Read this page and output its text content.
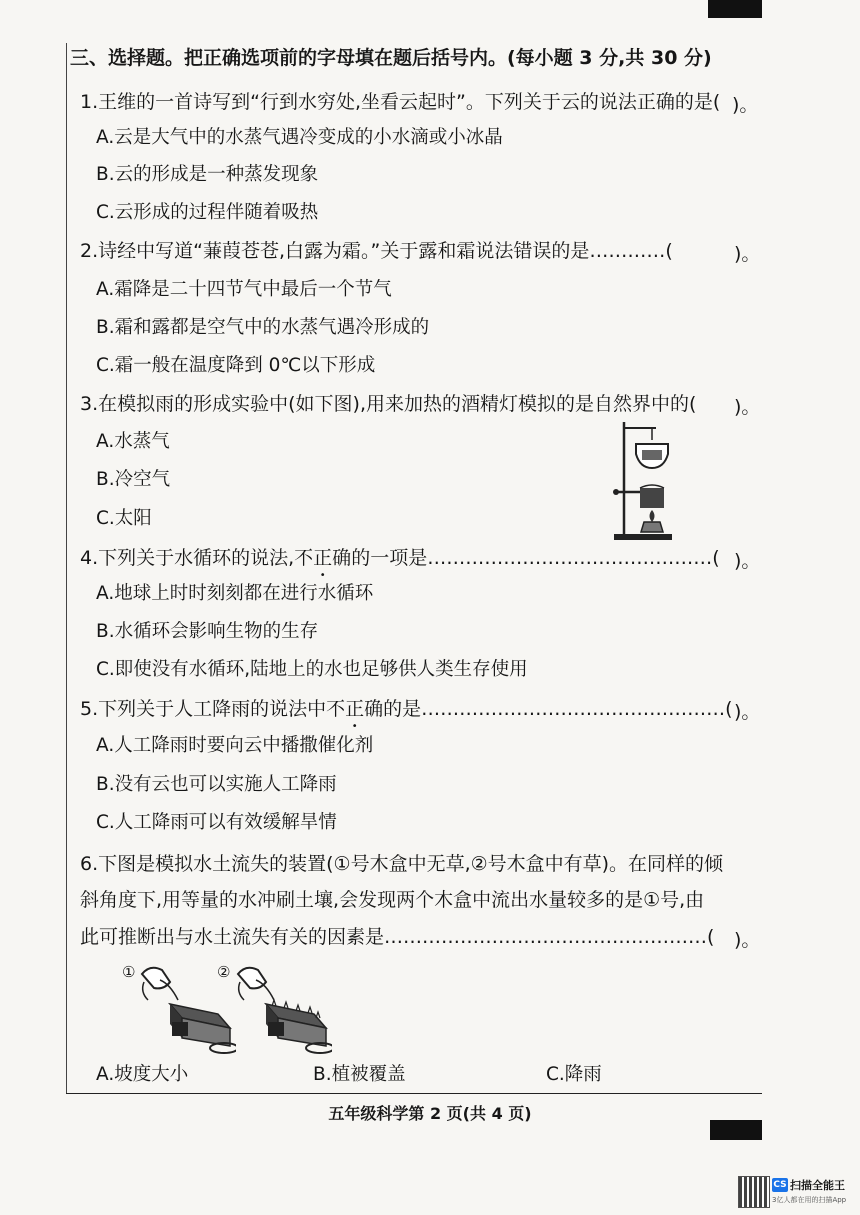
三、选择题。把正确选项前的字母填在题后括号内。(每小题 3 分,共 30 分)
1.王维的一首诗写到“行到水穷处,坐看云起时”。下列关于云的说法正确的是( )。
A.云是大气中的水蒸气遇冷变成的小水滴或小冰晶
B.云的形成是一种蒸发现象
C.云形成的过程伴随着吸热
2.诗经中写道“蒹葭苍苍,白露为霜。”关于露和霜说法错误的是…………(	)。
A.霜降是二十四节气中最后一个节气
B.霜和露都是空气中的水蒸气遇冷形成的
C.霜一般在温度降到 0℃以下形成
3.在模拟雨的形成实验中(如下图),用来加热的酒精灯模拟的是自然界中的( )。
A.水蒸气
B.冷空气
C.太阳
4.下列关于水循环的说法,不正确的一项是………………………………………( )。
A.地球上时时刻刻都在进行水循环
B.水循环会影响生物的生存
C.即使没有水循环,陆地上的水也足够供人类生存使用
5.下列关于人工降雨的说法中不正确的是…………………………………………( )。
A.人工降雨时要向云中播撒催化剂
B.没有云也可以实施人工降雨
C.人工降雨可以有效缓解旱情
6.下图是模拟水土流失的装置(①号木盒中无草,②号木盒中有草)。在同样的倾
斜角度下,用等量的水冲刷土壤,会发现两个木盒中流出水量较多的是①号,由
此可推断出与水土流失有关的因素是……………………………………………( )。
①	②
A.坡度大小	B.植被覆盖	C.降雨
五年级科学第 2 页(共 4 页)
CS 扫描全能王
3亿人都在用的扫描App
